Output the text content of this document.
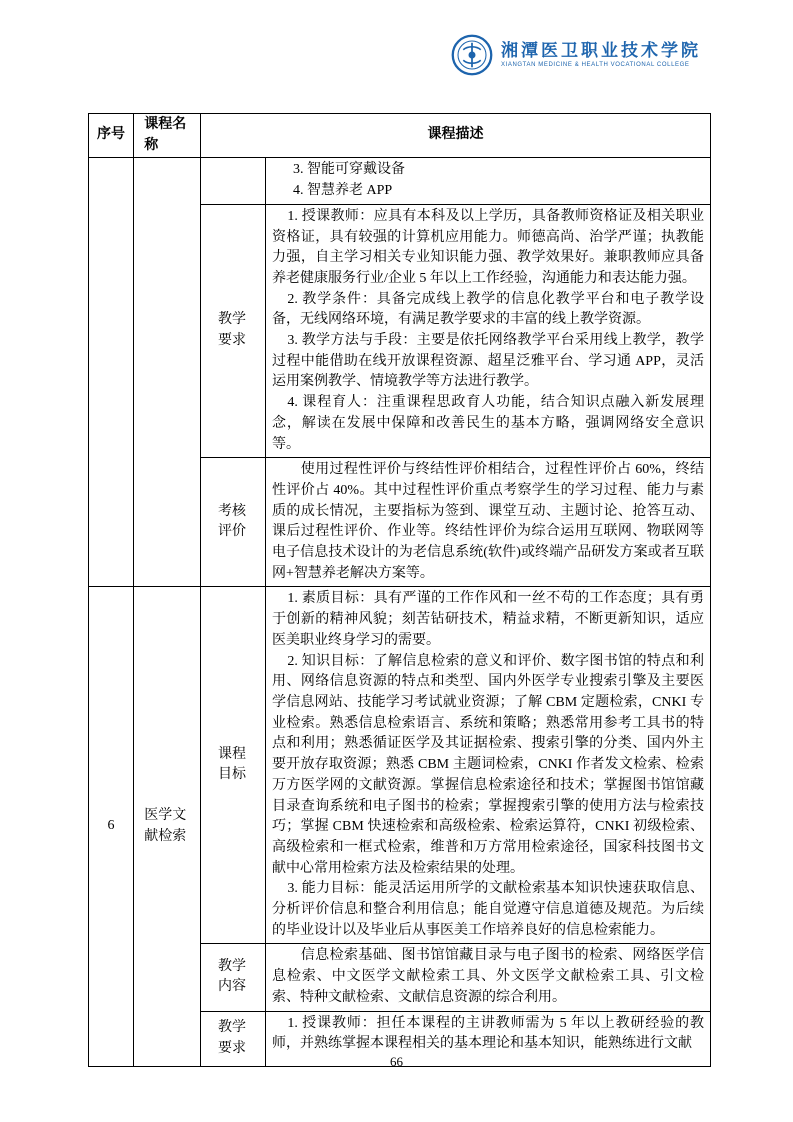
湘潭医卫职业技术学院
XIANGTAN MEDICINE & HEALTH VOCATIONAL COLLEGE
序号	课程名称	课程描述	

			3. 智能可穿戴设备

4. 智慧养老 APP

		教学要求	1. 授课教师：应具有本科及以上学历，具备教师资格证及相关职业资格证，具有较强的计算机应用能力。师德高尚、治学严谨；执教能力强，自主学习相关专业知识能力强、教学效果好。兼职教师应具备养老健康服务行业/企业 5 年以上工作经验，沟通能力和表达能力强。

2. 教学条件：具备完成线上教学的信息化教学平台和电子教学设备，无线网络环境，有满足教学要求的丰富的线上教学资源。

3. 教学方法与手段：主要是依托网络教学平台采用线上教学，教学过程中能借助在线开放课程资源、超星泛雅平台、学习通 APP，灵活运用案例教学、情境教学等方法进行教学。

4. 课程育人：注重课程思政育人功能，结合知识点融入新发展理念，解读在发展中保障和改善民生的基本方略，强调网络安全意识等。

		考核评价	使用过程性评价与终结性评价相结合，过程性评价占 60%，终结性评价占 40%。其中过程性评价重点考察学生的学习过程、能力与素质的成长情况，主要指标为签到、课堂互动、主题讨论、抢答互动、课后过程性评价、作业等。终结性评价为综合运用互联网、物联网等电子信息技术设计的为老信息系统(软件)或终端产品研发方案或者互联网+智慧养老解决方案等。

6	医学文献检索	课程目标	1. 素质目标：具有严谨的工作作风和一丝不苟的工作态度；具有勇于创新的精神风貌；刻苦钻研技术，精益求精，不断更新知识，适应医美职业终身学习的需要。

2. 知识目标：了解信息检索的意义和评价、数字图书馆的特点和利用、网络信息资源的特点和类型、国内外医学专业搜索引擎及主要医学信息网站、技能学习考试就业资源；了解 CBM 定题检索，CNKI 专业检索。熟悉信息检索语言、系统和策略；熟悉常用参考工具书的特点和利用；熟悉循证医学及其证据检索、搜索引擎的分类、国内外主要开放存取资源；熟悉 CBM 主题词检索，CNKI 作者发文检索、检索万方医学网的文献资源。掌握信息检索途径和技术；掌握图书馆馆藏目录查询系统和电子图书的检索；掌握搜索引擎的使用方法与检索技巧；掌握 CBM 快速检索和高级检索、检索运算符，CNKI 初级检索、高级检索和一框式检索，维普和万方常用检索途径，国家科技图书文献中心常用检索方法及检索结果的处理。

3. 能力目标：能灵活运用所学的文献检索基本知识快速获取信息、分析评价信息和整合利用信息；能自觉遵守信息道德及规范。为后续的毕业设计以及毕业后从事医美工作培养良好的信息检索能力。

		教学内容	信息检索基础、图书馆馆藏目录与电子图书的检索、网络医学信息检索、中文医学文献检索工具、外文医学文献检索工具、引文检索、特种文献检索、文献信息资源的综合利用。

		教学要求	1. 授课教师：担任本课程的主讲教师需为 5 年以上教研经验的教师，并熟练掌握本课程相关的基本理论和基本知识，能熟练进行文献

66
